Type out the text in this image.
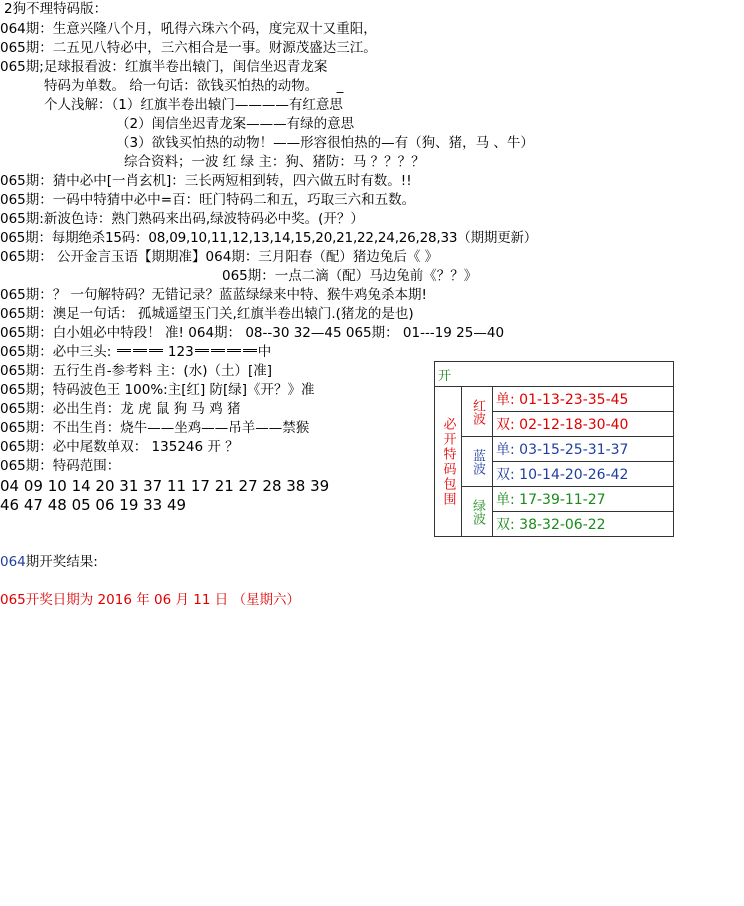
2狗不理特码版：
064期：生意兴隆八个月，吼得六珠六个码，度完双十又重阳，
065期：二五见八特必中，三六相合是一事。财源茂盛达三江。
065期;足球报看波：红旗半卷出辕门，闺信坐迟青龙案
特码为单数。 给一句话：欲钱买怕热的动物。 _
个人浅解：（1）红旗半卷出辕门————有红意思
（2）闺信坐迟青龙案———有绿的意思
（3）欲钱买怕热的动物！——形容很怕热的—有（狗、猪，马 、牛）
综合资料；一波 红 绿 主：狗、猪防：马 ？？？？
065期：猜中必中[一肖玄机]：三长两短相到转，四六做五时有数。!!
065期：一码中特猜中必中=百：旺门特码二和五，巧取三六和五数。
065期:新波色诗：熟门熟码来出码,绿波特码必中奖。(开？）
065期：每期绝杀15码：08,09,10,11,12,13,14,15,20,21,22,24,26,28,33（期期更新）
065期： 公开金言玉语【期期准】064期：三月阳春（配）猪边兔后《 》
065期：一点二滴（配）马边兔前《？？》
065期：？ 一句解特码？无错记录？蓝蓝绿绿来中特、猴牛鸡兔杀本期!
065期：澳足一句话： 孤城遥望玉门关,红旗半卷出辕门.(猪龙的是也)
065期：白小姐必中特段！ 准! 064期： 08--30 32—45 065期： 01---19 25—40
065期：必中三头:	123	中
065期：五行生肖-参考料 主：(水)（土）[准]
065期；特码波色王 100%:主[红] 防[绿]《开？》准
065期：必出生肖：龙 虎 鼠 狗 马 鸡 猪
065期：不出生肖：烧牛——坐鸡——吊羊——禁猴
065期：必中尾数单双： 135246 开 ？
065期：特码范围：
04 09 10 14 20 31 37 11 17 21 27 28 38 39
46 47 48 05 06 19 33 49
开		
必开特码包围	红波	单: 01-13-23-35-45
		双: 02-12-18-30-40
	蓝波	单: 03-15-25-31-37
		双: 10-14-20-26-42
	绿波	单: 17-39-11-27
		双: 38-32-06-22
064期开奖结果:
065开奖日期为 2016 年 06 月 11 日 （星期六）
